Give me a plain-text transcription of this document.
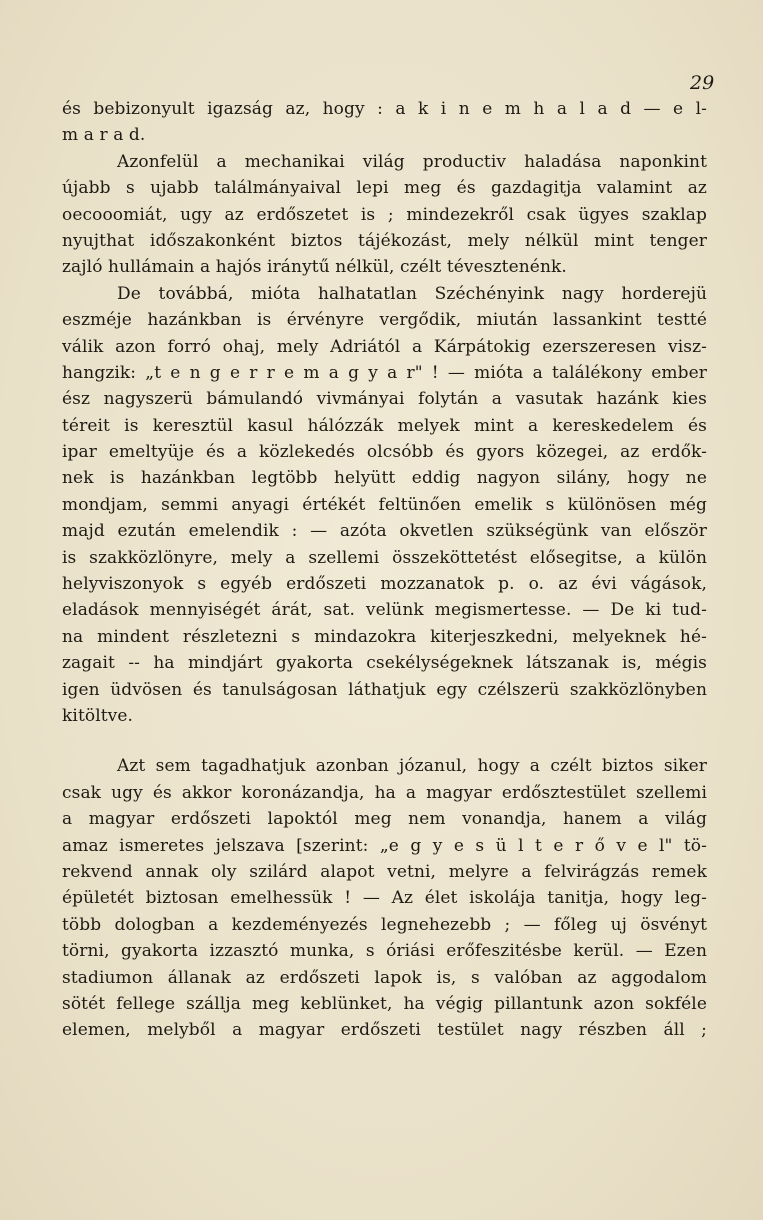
29
és bebizonyult igazság az, hogy : a k i n e m h a l a d — e l-
m a r a d.
Azonfelül a mechanikai világ productiv haladása naponkint
újabb s ujabb találmányaival lepi meg és gazdagitja valamint az
oecooomiát, ugy az erdőszetet is ; mindezekről csak ügyes szaklap
nyujthat időszakonként biztos tájékozást, mely nélkül mint tenger
zajló hullámain a hajós iránytű nélkül, czélt tévesztenénk.
De továbbá, mióta halhatatlan Széchényink nagy horderejü
eszméje hazánkban is érvényre vergődik, miután lassankint testté
válik azon forró ohaj, mely Adriától a Kárpátokig ezerszeresen visz-
hangzik: „t e n g e r r e m a g y a r" ! — mióta a találékony ember
ész nagyszerü bámulandó vivmányai folytán a vasutak hazánk kies
téreit is keresztül kasul hálózzák melyek mint a kereskedelem és
ipar emeltyüje és a közlekedés olcsóbb és gyors közegei, az erdők-
nek is hazánkban legtöbb helyütt eddig nagyon silány, hogy ne
mondjam, semmi anyagi értékét feltünően emelik s különösen még
majd ezután emelendik : — azóta okvetlen szükségünk van először
is szakközlönyre, mely a szellemi összeköttetést elősegitse, a külön
helyviszonyok s egyéb erdőszeti mozzanatok p. o. az évi vágások,
eladások mennyiségét árát, sat. velünk megismertesse. — De ki tud-
na mindent részletezni s mindazokra kiterjeszkedni, melyeknek hé-
zagait -- ha mindjárt gyakorta csekélységeknek látszanak is, mégis
igen üdvösen és tanulságosan láthatjuk egy czélszerü szakközlönyben
kitöltve.
Azt sem tagadhatjuk azonban józanul, hogy a czélt biztos siker
csak ugy és akkor koronázandja, ha a magyar erdősztestület szellemi
a magyar erdőszeti lapoktól meg nem vonandja, hanem a világ
amaz ismeretes jelszava [szerint: „e g y e s ü l t e r ő v e l" tö-
rekvend annak oly szilárd alapot vetni, melyre a felvirágzás remek
épületét biztosan emelhessük ! — Az élet iskolája tanitja, hogy leg-
több dologban a kezdeményezés legnehezebb ; — főleg uj ösvényt
törni, gyakorta izzasztó munka, s óriási erőfeszitésbe kerül. — Ezen
stadiumon állanak az erdőszeti lapok is, s valóban az aggodalom
sötét fellege szállja meg keblünket, ha végig pillantunk azon sokféle
elemen, melyből a magyar erdőszeti testület nagy részben áll ;
